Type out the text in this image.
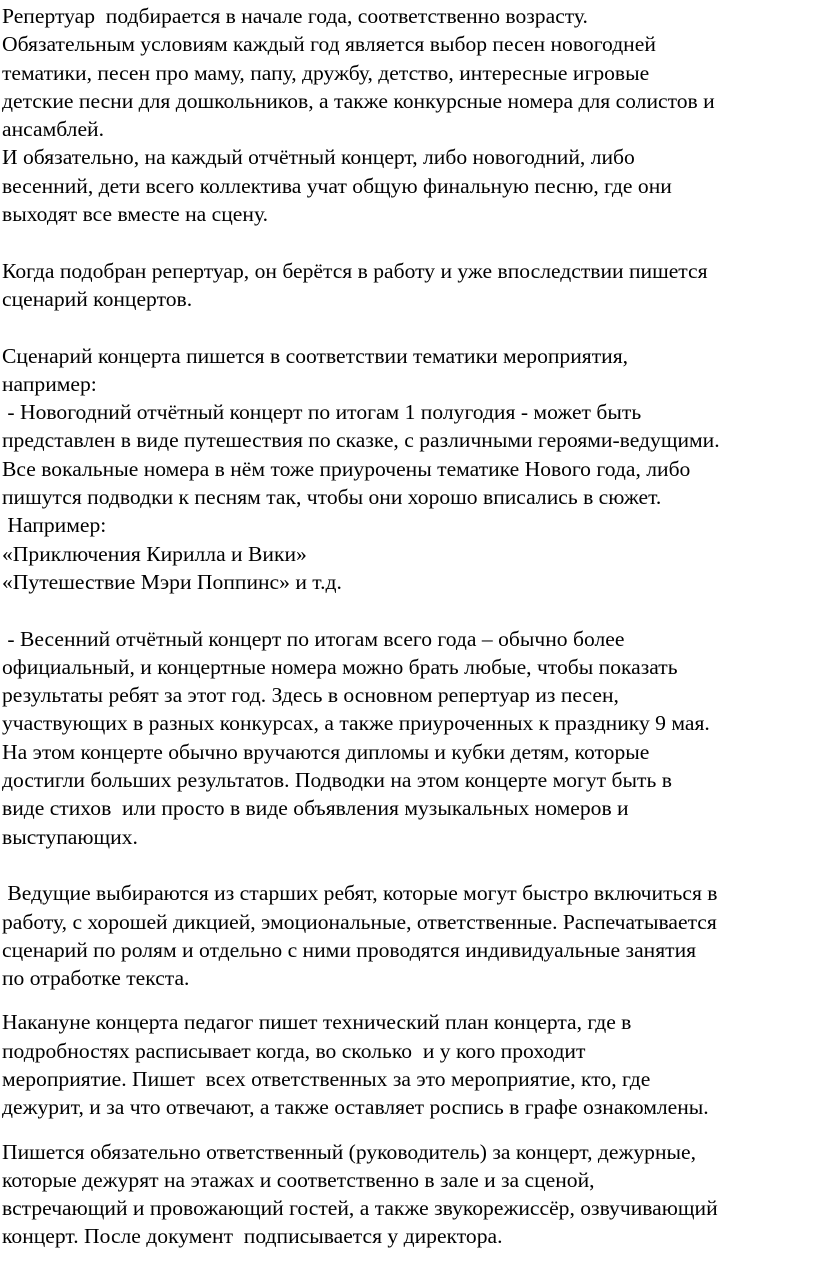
Репертуар  подбирается в начале года, соответственно возрасту.
Обязательным условиям каждый год является выбор песен новогодней
тематики, песен про маму, папу, дружбу, детство, интересные игровые
детские песни для дошкольников, а также конкурсные номера для солистов и
ансамблей.
И обязательно, на каждый отчётный концерт, либо новогодний, либо
весенний, дети всего коллектива учат общую финальную песню, где они
выходят все вместе на сцену.
Когда подобран репертуар, он берётся в работу и уже впоследствии пишется
сценарий концертов.
Сценарий концерта пишется в соответствии тематики мероприятия,
например:
- Новогодний отчётный концерт по итогам 1 полугодия - может быть
представлен в виде путешествия по сказке, с различными героями-ведущими.
Все вокальные номера в нём тоже приурочены тематике Нового года, либо
пишутся подводки к песням так, чтобы они хорошо вписались в сюжет.
Например:
«Приключения Кирилла и Вики»
«Путешествие Мэри Поппинс» и т.д.
- Весенний отчётный концерт по итогам всего года – обычно более
официальный, и концертные номера можно брать любые, чтобы показать
результаты ребят за этот год. Здесь в основном репертуар из песен,
участвующих в разных конкурсах, а также приуроченных к празднику 9 мая.
На этом концерте обычно вручаются дипломы и кубки детям, которые
достигли больших результатов. Подводки на этом концерте могут быть в
виде стихов  или просто в виде объявления музыкальных номеров и
выступающих.
Ведущие выбираются из старших ребят, которые могут быстро включиться в
работу, с хорошей дикцией, эмоциональные, ответственные. Распечатывается
сценарий по ролям и отдельно с ними проводятся индивидуальные занятия
по отработке текста.
Накануне концерта педагог пишет технический план концерта, где в
подробностях расписывает когда, во сколько  и у кого проходит
мероприятие. Пишет  всех ответственных за это мероприятие, кто, где
дежурит, и за что отвечают, а также оставляет роспись в графе ознакомлены.
Пишется обязательно ответственный (руководитель) за концерт, дежурные,
которые дежурят на этажах и соответственно в зале и за сценой,
встречающий и провожающий гостей, а также звукорежиссёр, озвучивающий
концерт. После документ  подписывается у директора.
